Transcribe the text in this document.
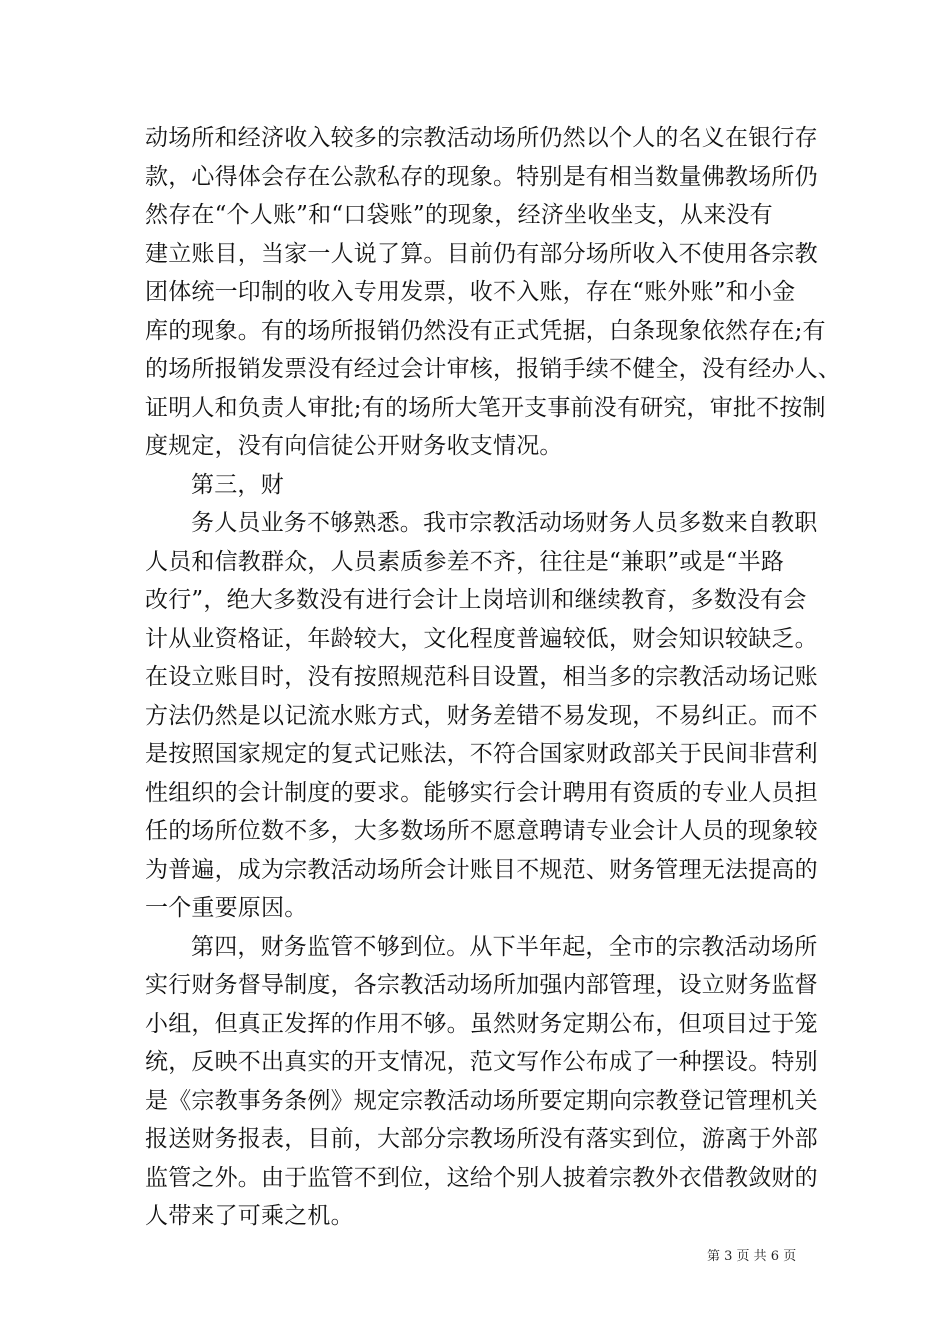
动场所和经济收入较多的宗教活动场所仍然以个人的名义在银行存
款，心得体会存在公款私存的现象。特别是有相当数量佛教场所仍
然存在“个人账”和“口袋账”的现象，经济坐收坐支，从来没有
建立账目，当家一人说了算。目前仍有部分场所收入不使用各宗教
团体统一印制的收入专用发票，收不入账，存在“账外账”和小金
库的现象。有的场所报销仍然没有正式凭据，白条现象依然存在;有
的场所报销发票没有经过会计审核，报销手续不健全，没有经办人、
证明人和负责人审批;有的场所大笔开支事前没有研究，审批不按制
度规定，没有向信徒公开财务收支情况。
第三，财
务人员业务不够熟悉。我市宗教活动场财务人员多数来自教职
人员和信教群众，人员素质参差不齐，往往是“兼职”或是“半路
改行”，绝大多数没有进行会计上岗培训和继续教育，多数没有会
计从业资格证，年龄较大，文化程度普遍较低，财会知识较缺乏。
在设立账目时，没有按照规范科目设置，相当多的宗教活动场记账
方法仍然是以记流水账方式，财务差错不易发现，不易纠正。而不
是按照国家规定的复式记账法，不符合国家财政部关于民间非营利
性组织的会计制度的要求。能够实行会计聘用有资质的专业人员担
任的场所位数不多，大多数场所不愿意聘请专业会计人员的现象较
为普遍，成为宗教活动场所会计账目不规范、财务管理无法提高的
一个重要原因。
第四，财务监管不够到位。从下半年起，全市的宗教活动场所
实行财务督导制度，各宗教活动场所加强内部管理，设立财务监督
小组，但真正发挥的作用不够。虽然财务定期公布，但项目过于笼
统，反映不出真实的开支情况，范文写作公布成了一种摆设。特别
是《宗教事务条例》规定宗教活动场所要定期向宗教登记管理机关
报送财务报表，目前，大部分宗教场所没有落实到位，游离于外部
监管之外。由于监管不到位，这给个别人披着宗教外衣借教敛财的
人带来了可乘之机。
第 3 页 共 6 页
